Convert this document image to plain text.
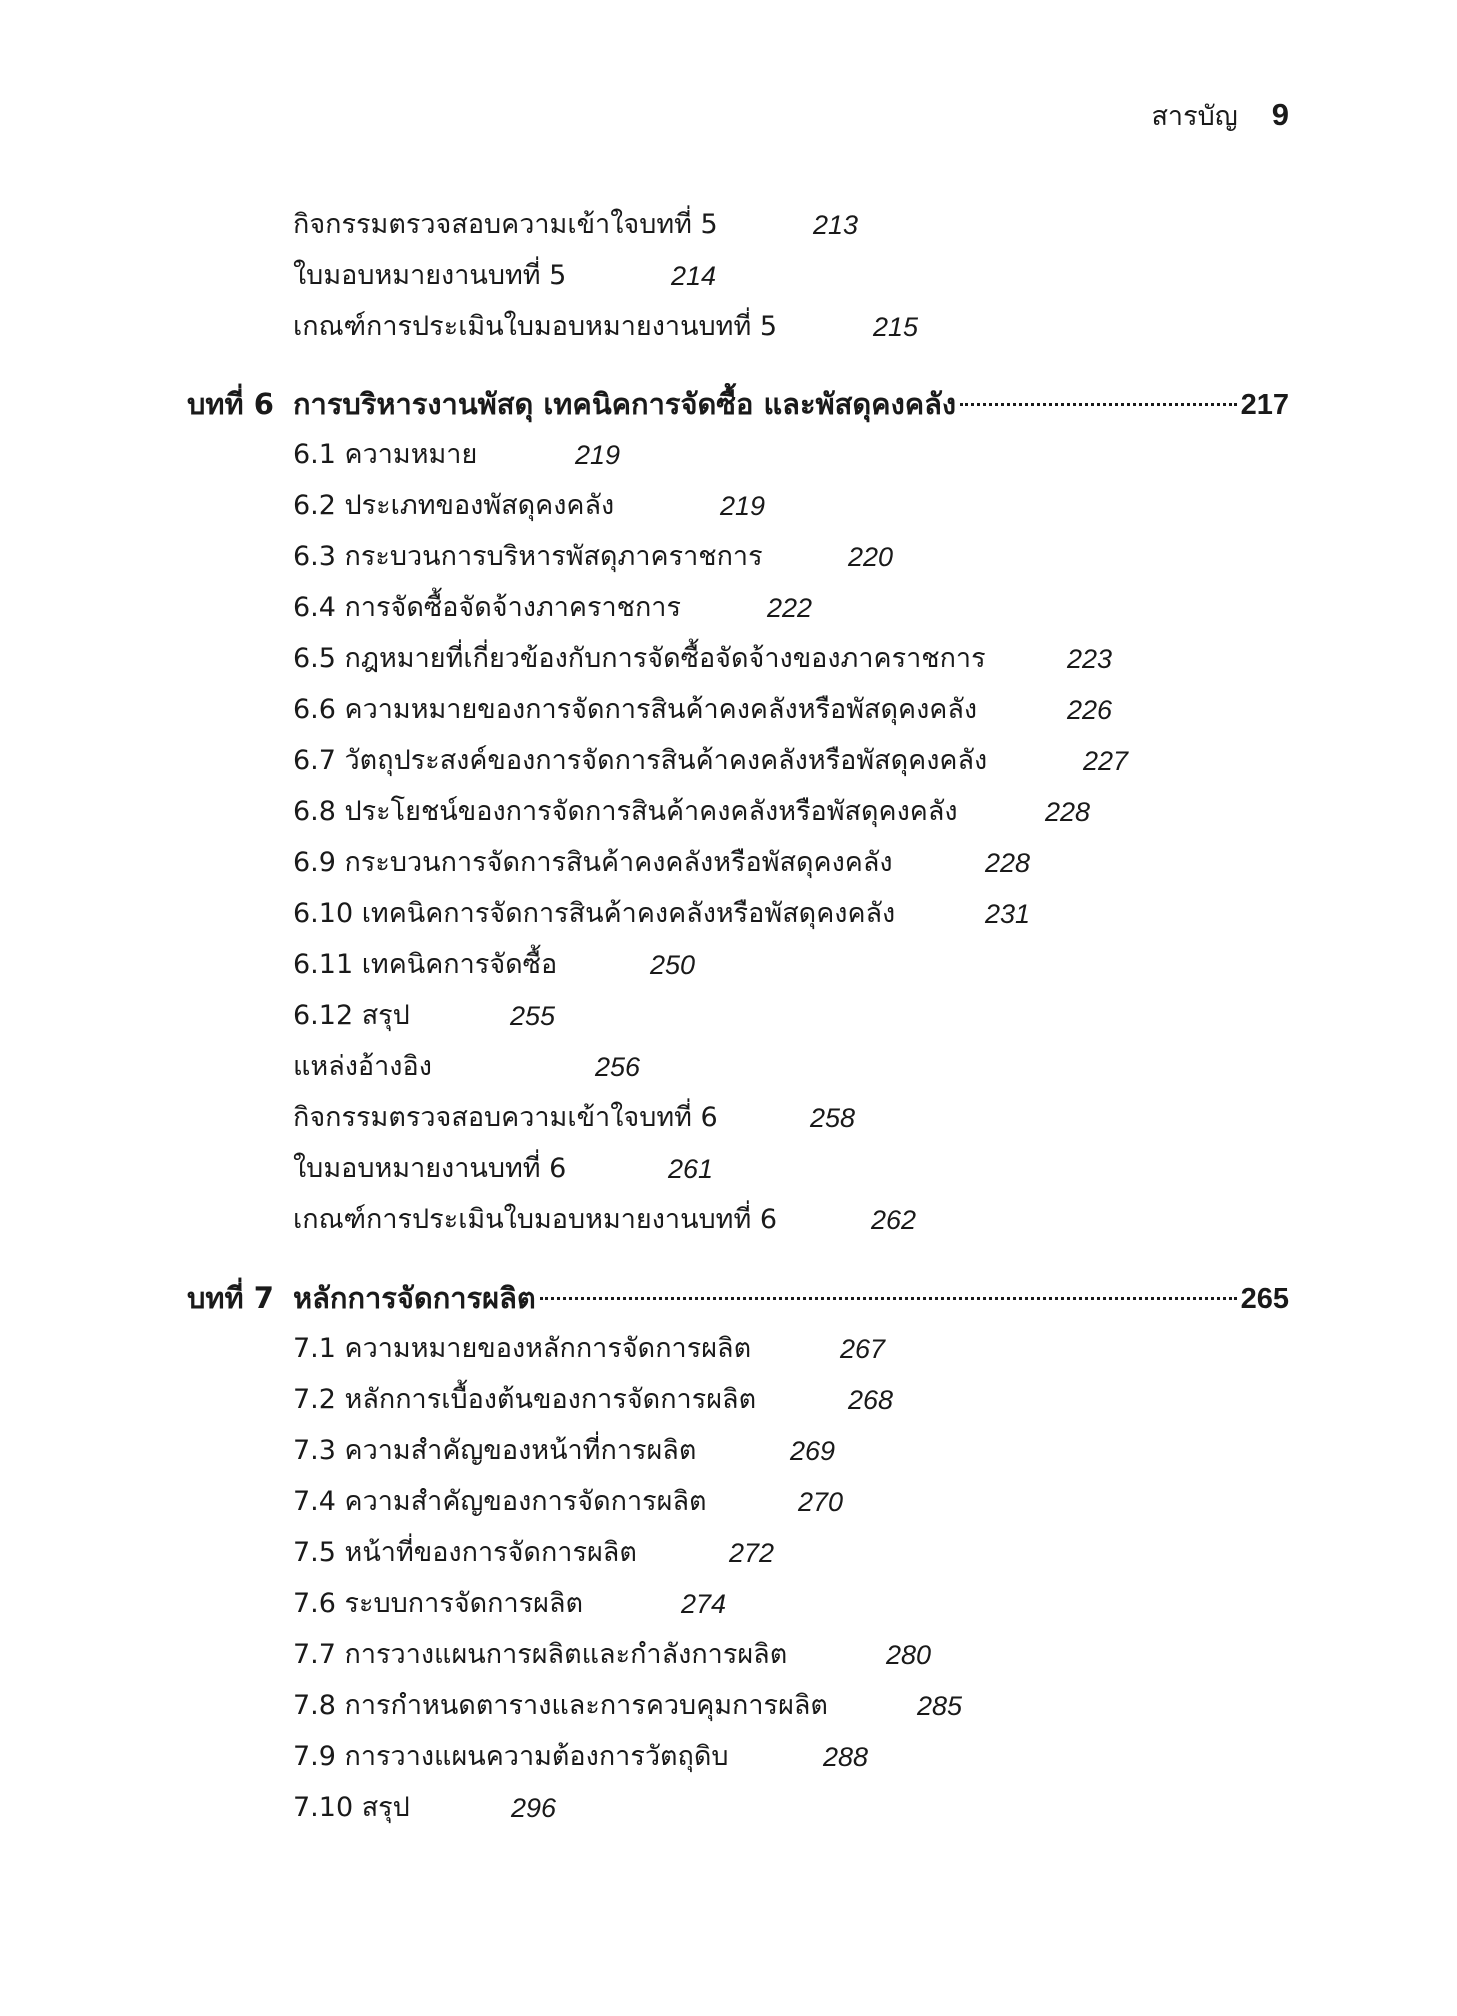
สารบัญ 9
กิจกรรมตรวจสอบความเข้าใจบทที่ 5	213
ใบมอบหมายงานบทที่ 5	214
เกณฑ์การประเมินใบมอบหมายงานบทที่ 5	215
บทที่ 6 การบริหารงานพัสดุ เทคนิคการจัดซื้อ และพัสดุคงคลัง	217
6.1 ความหมาย	219
6.2 ประเภทของพัสดุคงคลัง	219
6.3 กระบวนการบริหารพัสดุภาคราชการ	220
6.4 การจัดซื้อจัดจ้างภาคราชการ	222
6.5 กฎหมายที่เกี่ยวข้องกับการจัดซื้อจัดจ้างของภาคราชการ	223
6.6 ความหมายของการจัดการสินค้าคงคลังหรือพัสดุคงคลัง	226
6.7 วัตถุประสงค์ของการจัดการสินค้าคงคลังหรือพัสดุคงคลัง	227
6.8 ประโยชน์ของการจัดการสินค้าคงคลังหรือพัสดุคงคลัง	228
6.9 กระบวนการจัดการสินค้าคงคลังหรือพัสดุคงคลัง	228
6.10 เทคนิคการจัดการสินค้าคงคลังหรือพัสดุคงคลัง	231
6.11 เทคนิคการจัดซื้อ	250
6.12 สรุป	255
แหล่งอ้างอิง	256
กิจกรรมตรวจสอบความเข้าใจบทที่ 6	258
ใบมอบหมายงานบทที่ 6	261
เกณฑ์การประเมินใบมอบหมายงานบทที่ 6	262
บทที่ 7 หลักการจัดการผลิต	265
7.1 ความหมายของหลักการจัดการผลิต	267
7.2 หลักการเบื้องต้นของการจัดการผลิต	268
7.3 ความสำคัญของหน้าที่การผลิต	269
7.4 ความสำคัญของการจัดการผลิต	270
7.5 หน้าที่ของการจัดการผลิต	272
7.6 ระบบการจัดการผลิต	274
7.7 การวางแผนการผลิตและกำลังการผลิต	280
7.8 การกำหนดตารางและการควบคุมการผลิต	285
7.9 การวางแผนความต้องการวัตถุดิบ	288
7.10 สรุป	296
